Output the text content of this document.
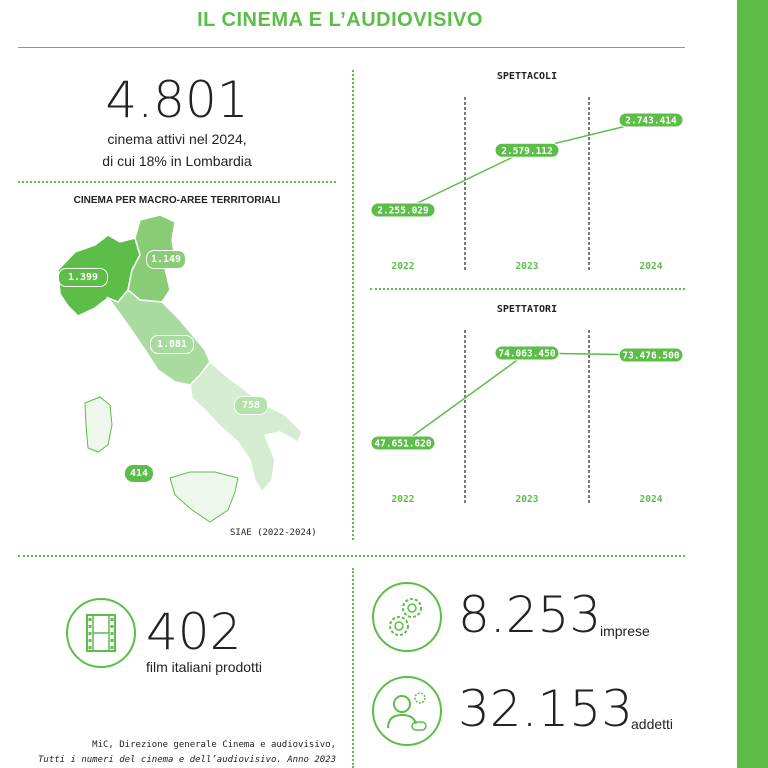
IL CINEMA E L’AUDIOVISIVO
4.801
cinema attivi nel 2024,
di cui 18% in Lombardia
CINEMA PER MACRO-AREE TERRITORIALI
1.399
1.149
1.081
758
414
SIAE (2022-2024)
SPETTACOLI
2.255.029
2022
2.579.112
2023
2.743.414
2024
SPETTATORI
47.651.620
2022
74.063.450
2023
73.476.500
2024
402
film italiani prodotti
MiC, Direzione generale Cinema e audiovisivo,
Tutti i numeri del cinema e dell’audiovisivo. Anno 2023
8.253
imprese
32.153
addetti
